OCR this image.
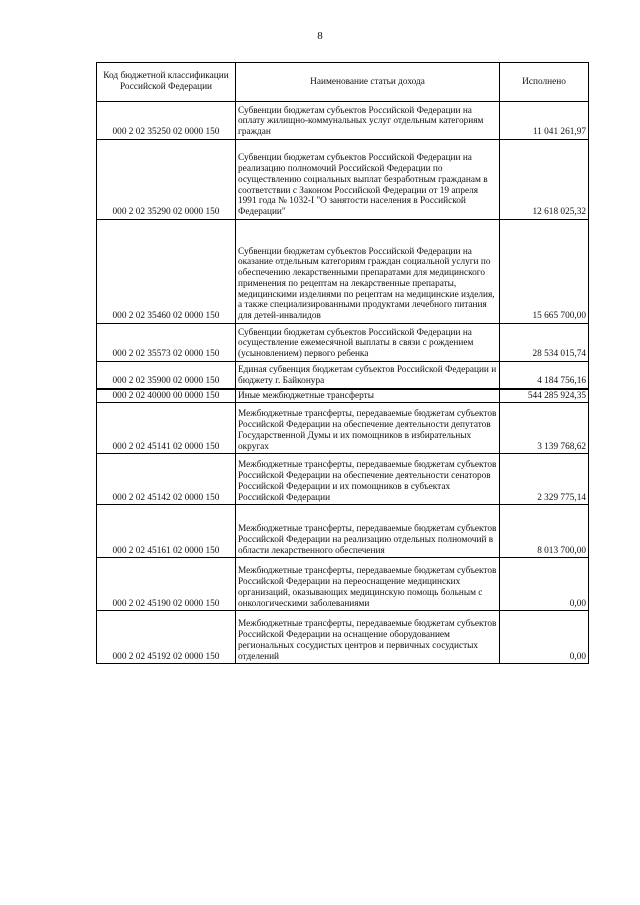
8
Код бюджетной классификации Российской Федерации	Наименование статьи дохода	Исполнено
000 2 02 35250 02 0000 150	Субвенции бюджетам субъектов Российской Федерации на оплату жилищно-коммунальных услуг отдельным категориям граждан	11 041 261,97
000 2 02 35290 02 0000 150	Субвенции бюджетам субъектов Российской Федерации на реализацию полномочий Российской Федерации по осуществлению социальных выплат безработным гражданам в соответствии с Законом Российской Федерации от 19 апреля 1991 года № 1032-I "О занятости населения в Российской Федерации"	12 618 025,32
000 2 02 35460 02 0000 150	Субвенции бюджетам субъектов Российской Федерации на оказание отдельным категориям граждан социальной услуги по обеспечению лекарственными препаратами для медицинского применения по рецептам на лекарственные препараты, медицинскими изделиями по рецептам на медицинские изделия, а также специализированными продуктами лечебного питания для детей-инвалидов	15 665 700,00
000 2 02 35573 02 0000 150	Субвенции бюджетам субъектов Российской Федерации на осуществление ежемесячной выплаты в связи с рождением (усыновлением) первого ребенка	28 534 015,74
000 2 02 35900 02 0000 150	Единая субвенция бюджетам субъектов Российской Федерации и бюджету г. Байконура	4 184 756,16
000 2 02 40000 00 0000 150	Иные межбюджетные трансферты	544 285 924,35
000 2 02 45141 02 0000 150	Межбюджетные трансферты, передаваемые бюджетам субъектов Российской Федерации на обеспечение деятельности депутатов Государственной Думы и их помощников в избирательных округах	3 139 768,62
000 2 02 45142 02 0000 150	Межбюджетные трансферты, передаваемые бюджетам субъектов Российской Федерации на обеспечение деятельности сенаторов Российской Федерации и их помощников в субъектах Российской Федерации	2 329 775,14
000 2 02 45161 02 0000 150	Межбюджетные трансферты, передаваемые бюджетам субъектов Российской Федерации на реализацию отдельных полномочий в области лекарственного обеспечения	8 013 700,00
000 2 02 45190 02 0000 150	Межбюджетные трансферты, передаваемые бюджетам субъектов Российской Федерации на переоснащение медицинских организаций, оказывающих медицинскую помощь больным с онкологическими заболеваниями	0,00
000 2 02 45192 02 0000 150	Межбюджетные трансферты, передаваемые бюджетам субъектов Российской Федерации на оснащение оборудованием региональных сосудистых центров и первичных сосудистых отделений	0,00
